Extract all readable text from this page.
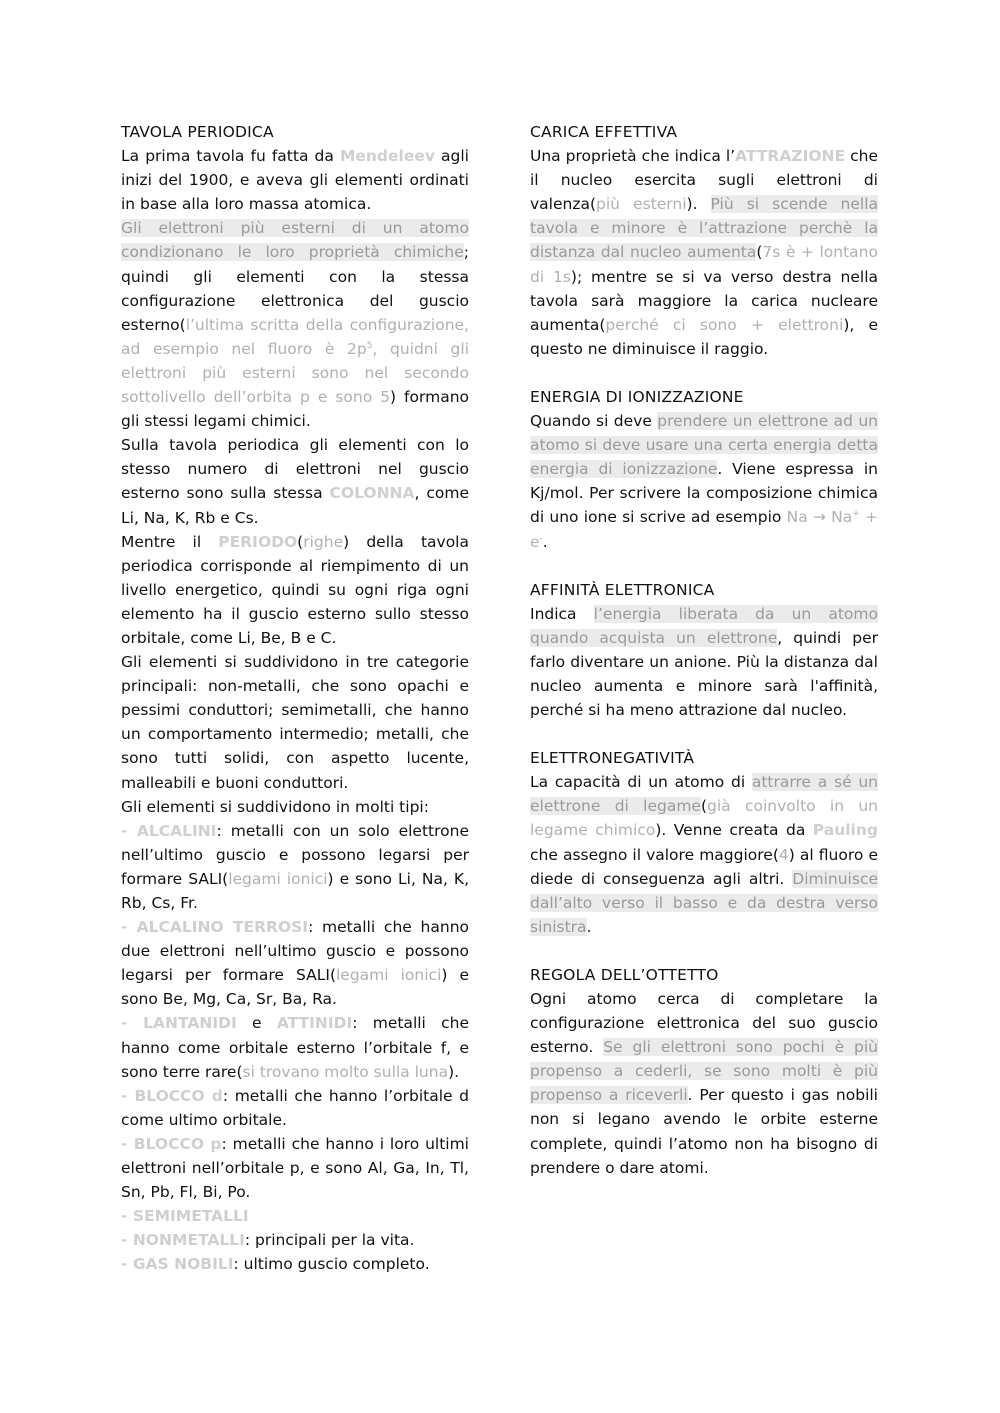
TAVOLA PERIODICA

La prima tavola fu fatta da Mendeleev agli inizi del 1900, e aveva gli elementi ordinati in base alla loro massa atomica.

Gli elettroni più esterni di un atomo condizionano le loro proprietà chimiche; quindi gli elementi con la stessa configurazione elettronica del guscio esterno(l’ultima scritta della configurazione, ad esempio nel fluoro è $2p^5$, quidni gli elettroni più esterni sono nel secondo sottolivello dell’orbita p e sono 5) formano gli stessi legami chimici.

Sulla tavola periodica gli elementi con lo stesso numero di elettroni nel guscio esterno sono sulla stessa COLONNA, come Li, Na, K, Rb e Cs.

Mentre il PERIODO(righe) della tavola periodica corrisponde al riempimento di un livello energetico, quindi su ogni riga ogni elemento ha il guscio esterno sullo stesso orbitale, come Li, Be, B e C.

Gli elementi si suddividono in tre categorie principali: non-metalli, che sono opachi e pessimi conduttori; semimetalli, che hanno un comportamento intermedio; metalli, che sono tutti solidi, con aspetto lucente, malleabili e buoni conduttori.

Gli elementi si suddividono in molti tipi:

- ALCALINI: metalli con un solo elettrone nell’ultimo guscio e possono legarsi per formare SALI(legami ionici) e sono Li, Na, K, Rb, Cs, Fr.

- ALCALINO TERROSI: metalli che hanno due elettroni nell’ultimo guscio e possono legarsi per formare SALI(legami ionici) e sono Be, Mg, Ca, Sr, Ba, Ra.

- LANTANIDI e ATTINIDI: metalli che hanno come orbitale esterno l’orbitale f, e sono terre rare(si trovano molto sulla luna).

- BLOCCO d: metalli che hanno l’orbitale d come ultimo orbitale.

- BLOCCO p: metalli che hanno i loro ultimi elettroni nell’orbitale p, e sono Al, Ga, In, Tl, Sn, Pb, Fl, Bi, Po.

- SEMIMETALLI

- NONMETALLI: principali per la vita.

- GAS NOBILI: ultimo guscio completo.

CARICA EFFETTIVA

Una proprietà che indica l’ATTRAZIONE che il nucleo esercita sugli elettroni di valenza(più esterni). Più si scende nella tavola e minore è l’attrazione perchè la distanza dal nucleo aumenta(7s è + lontano di 1s); mentre se si va verso destra nella tavola sarà maggiore la carica nucleare aumenta(perché ci sono + elettroni), e questo ne diminuisce il raggio.

ENERGIA DI IONIZZAZIONE

Quando si deve prendere un elettrone ad un atomo si deve usare una certa energia detta energia di ionizzazione. Viene espressa in Kj/mol. Per scrivere la composizione chimica di uno ione si scrive ad esempio Na → Na+ + e-.

AFFINITÀ ELETTRONICA

Indica l’energia liberata da un atomo quando acquista un elettrone, quindi per farlo diventare un anione. Più la distanza dal nucleo aumenta e minore sarà l'affinità, perché si ha meno attrazione dal nucleo.

ELETTRONEGATIVITÀ

La capacità di un atomo di attrarre a sé un elettrone di legame(già coinvolto in un legame chimico). Venne creata da Pauling che assegno il valore maggiore(4) al fluoro e diede di conseguenza agli altri. Diminuisce dall’alto verso il basso e da destra verso sinistra.

REGOLA DELL’OTTETTO

Ogni atomo cerca di completare la configurazione elettronica del suo guscio esterno. Se gli elettroni sono pochi è più propenso a cederli, se sono molti è più propenso a riceverli. Per questo i gas nobili non si legano avendo le orbite esterne complete, quindi l’atomo non ha bisogno di prendere o dare atomi.
